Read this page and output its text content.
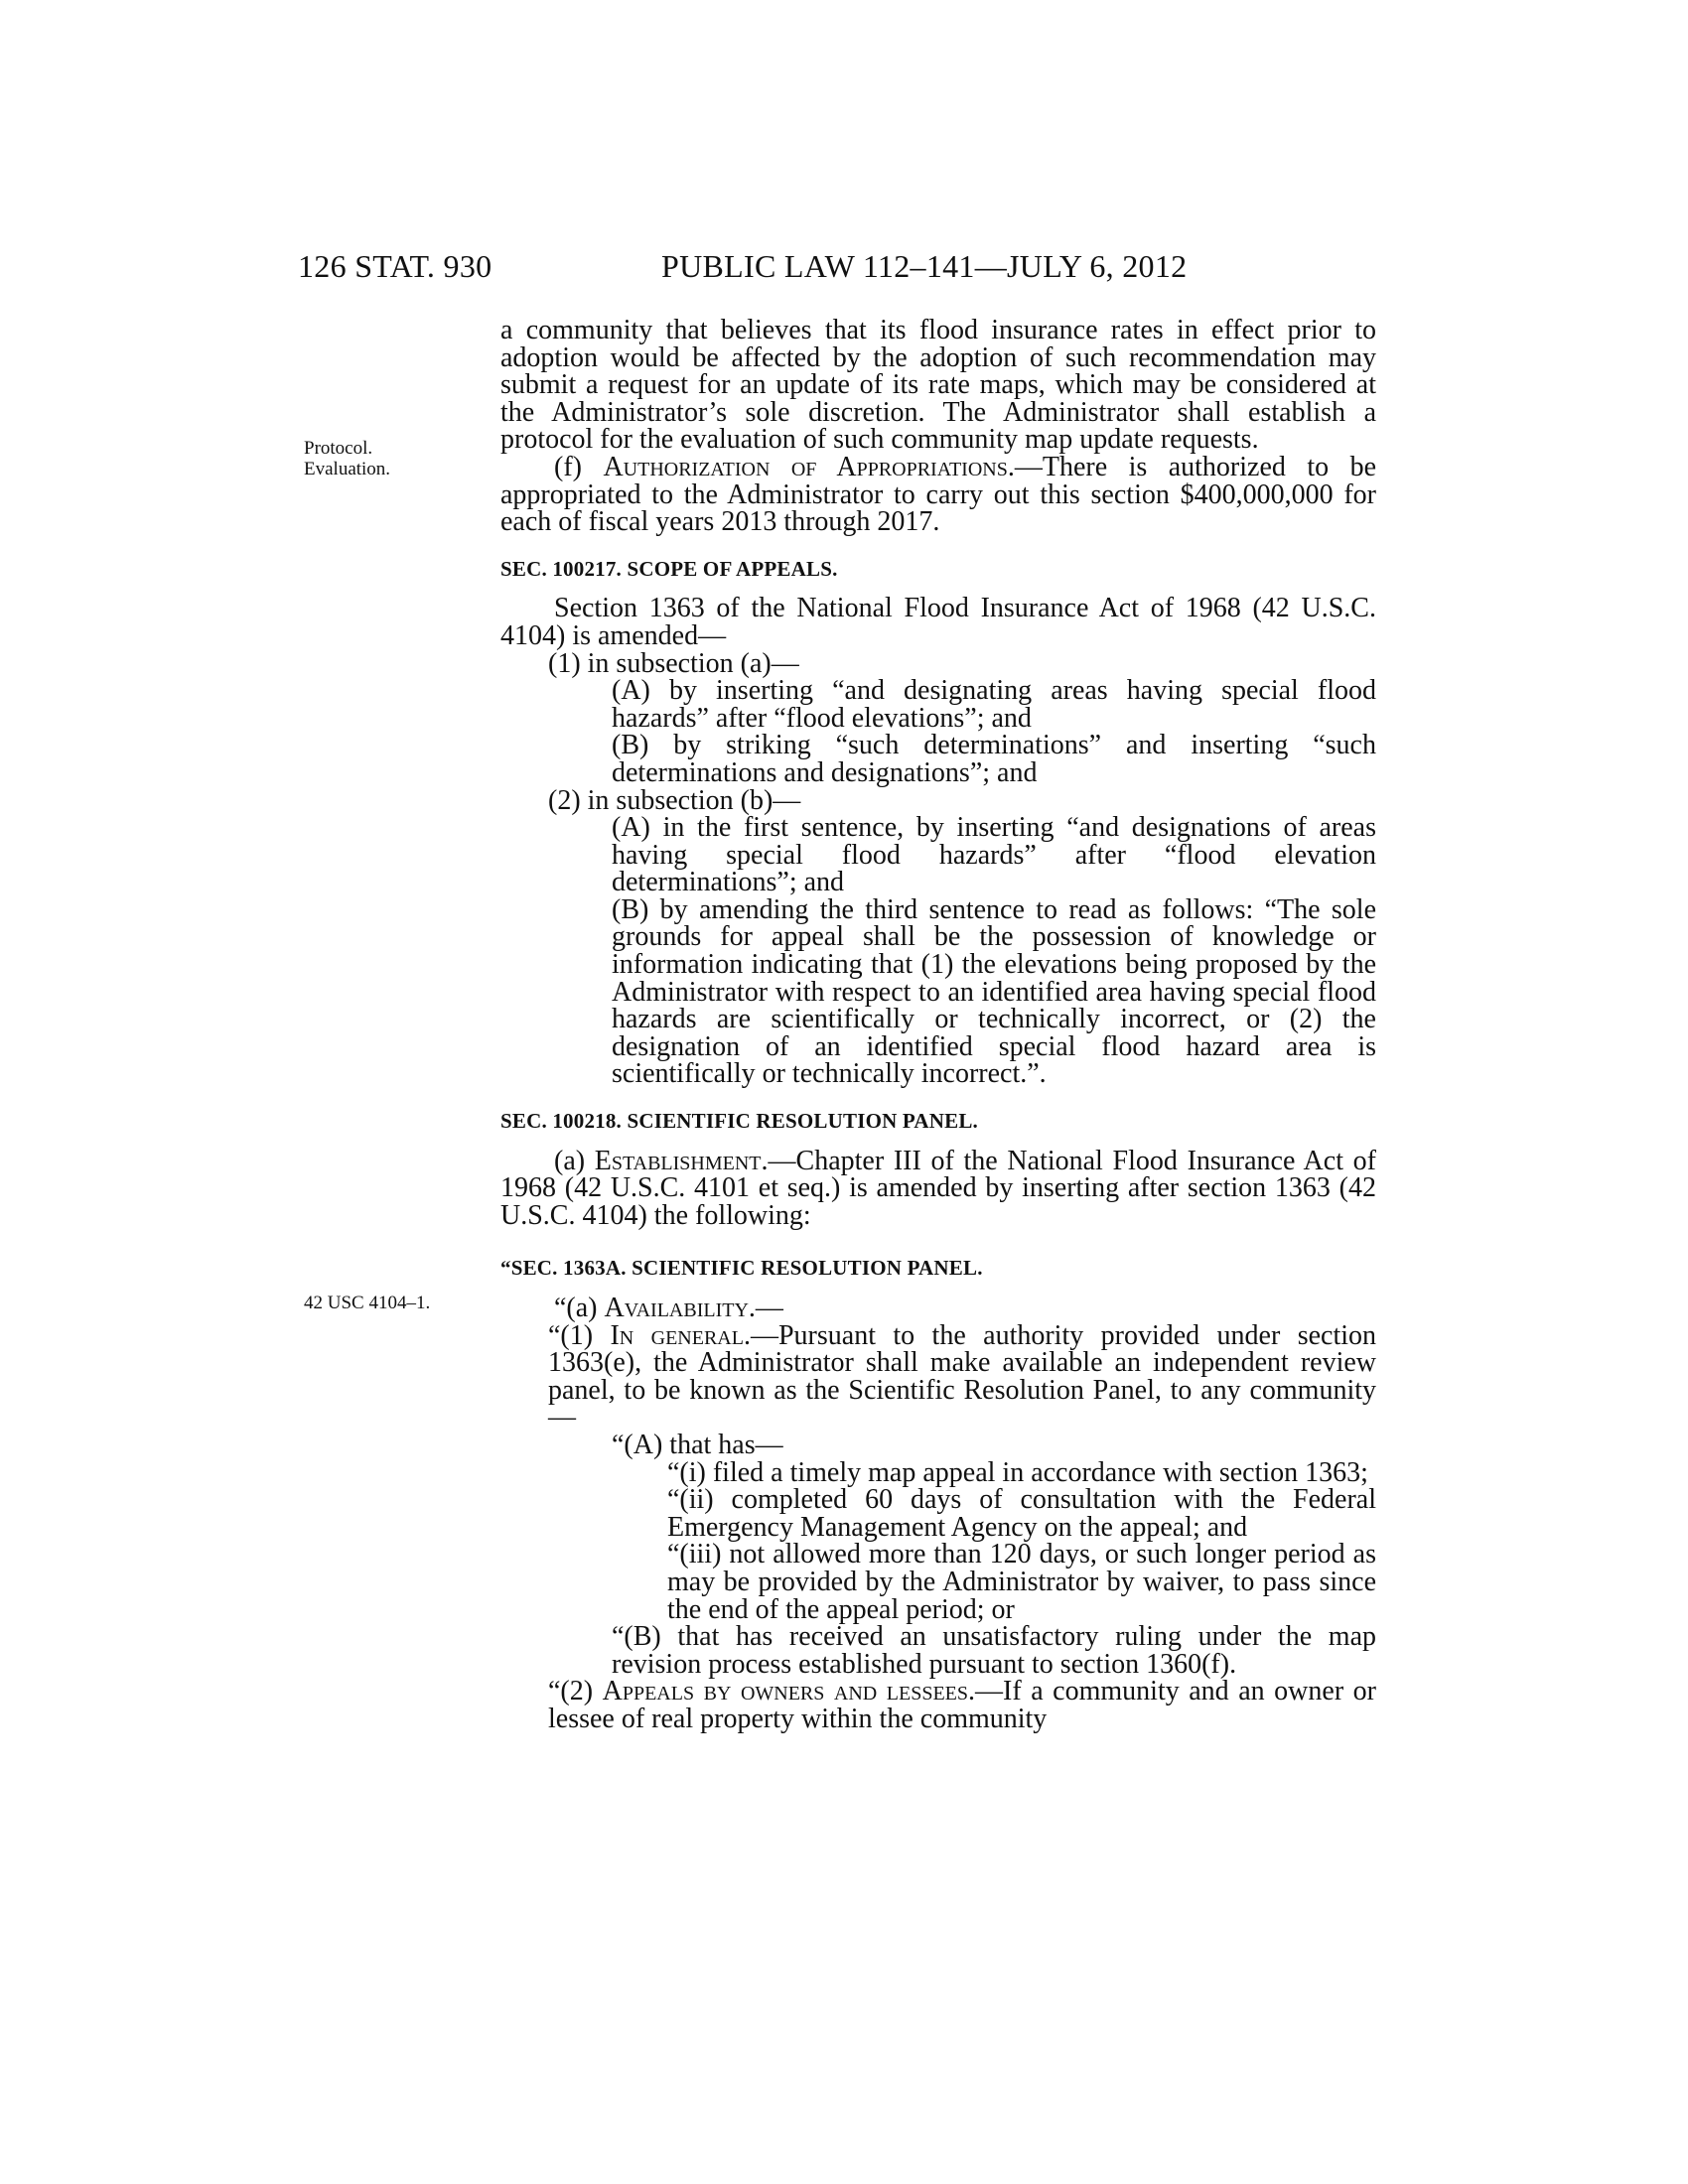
126 STAT. 930	PUBLIC LAW 112–141—JULY 6, 2012
Protocol.
Evaluation.
42 USC 4104–1.

a community that believes that its flood insurance rates in effect prior to adoption would be affected by the adoption of such recommendation may submit a request for an update of its rate maps, which may be considered at the Administrator’s sole discretion. The Administrator shall establish a protocol for the evaluation of such community map update requests.

(f) Authorization of Appropriations.—There is authorized to be appropriated to the Administrator to carry out this section $400,000,000 for each of fiscal years 2013 through 2017.

SEC. 100217. SCOPE OF APPEALS.

Section 1363 of the National Flood Insurance Act of 1968 (42 U.S.C. 4104) is amended—

(1) in subsection (a)—

(A) by inserting “and designating areas having special flood hazards” after “flood elevations”; and

(B) by striking “such determinations” and inserting “such determinations and designations”; and

(2) in subsection (b)—

(A) in the first sentence, by inserting “and designations of areas having special flood hazards” after “flood elevation determinations”; and

(B) by amending the third sentence to read as follows: “The sole grounds for appeal shall be the possession of knowledge or information indicating that (1) the elevations being proposed by the Administrator with respect to an identified area having special flood hazards are scientifically or technically incorrect, or (2) the designation of an identified special flood hazard area is scientifically or technically incorrect.”.

SEC. 100218. SCIENTIFIC RESOLUTION PANEL.

(a) Establishment.—Chapter III of the National Flood Insurance Act of 1968 (42 U.S.C. 4101 et seq.) is amended by inserting after section 1363 (42 U.S.C. 4104) the following:

“SEC. 1363A. SCIENTIFIC RESOLUTION PANEL.

“(a) Availability.—

“(1) In general.—Pursuant to the authority provided under section 1363(e), the Administrator shall make available an independent review panel, to be known as the Scientific Resolution Panel, to any community—

“(A) that has—

“(i) filed a timely map appeal in accordance with section 1363;

“(ii) completed 60 days of consultation with the Federal Emergency Management Agency on the appeal; and

“(iii) not allowed more than 120 days, or such longer period as may be provided by the Administrator by waiver, to pass since the end of the appeal period; or

“(B) that has received an unsatisfactory ruling under the map revision process established pursuant to section 1360(f).

“(2) Appeals by owners and lessees.—If a community and an owner or lessee of real property within the community
